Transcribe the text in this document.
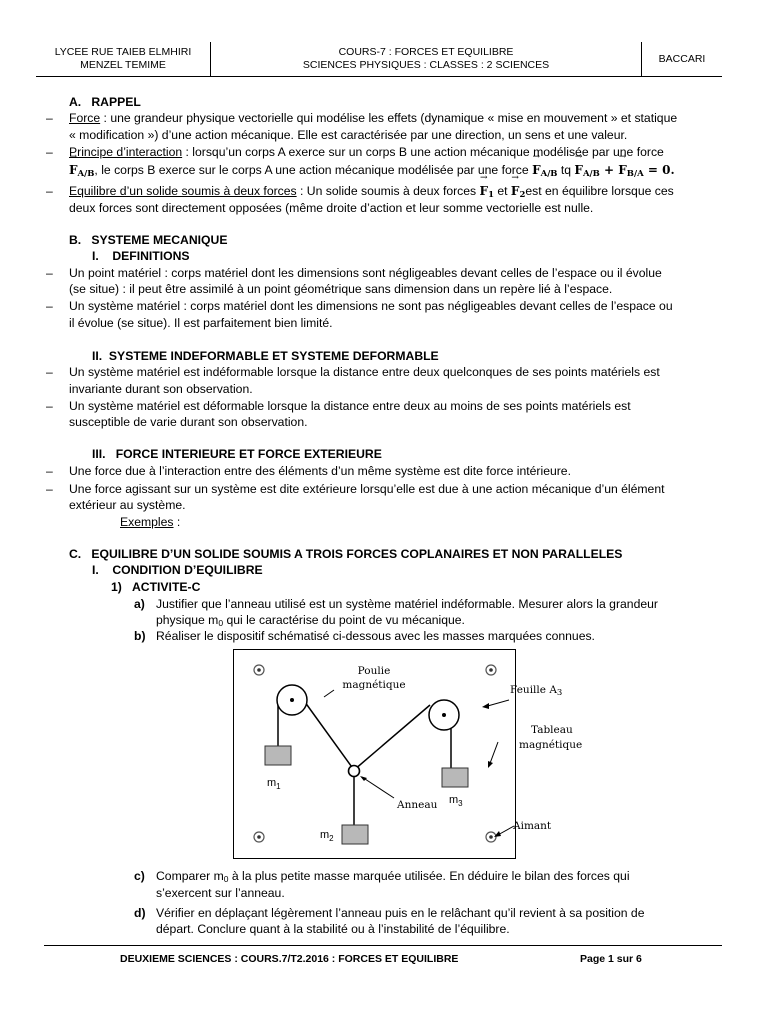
LYCEE RUE TAIEB ELMHIRI
MENZEL TEMIME
COURS-7 : FORCES ET EQUILIBRE
SCIENCES PHYSIQUES : CLASSES : 2 SCIENCES
BACCARI
A.   RAPPEL
– Force : une grandeur physique vectorielle qui modélise les effets (dynamique « mise en mouvement » et statique
« modification ») d’une action mécanique. Elle est caractérisée par une direction, un sens et une valeur.
– Principe d’interaction : lorsqu’un corps A exerce sur un corps B une action mécanique modélisée par une force
→ $F_{A/B}$, le corps B exerce sur le corps A une action mécanique modélisée par une force → $F_{A/B}$ tq → $F_{A/B}$ + → $F_{B/A} = 0$.
– Equilibre d’un solide soumis à deux forces : Un solide soumis à deux forces → $F_1$ et → $F_2est$ en équilibre lorsque ces
deux forces sont directement opposées (même droite d’action et leur somme vectorielle est nulle.
B.   SYSTEME MECANIQUE
I.    DEFINITIONS
– Un point matériel : corps matériel dont les dimensions sont négligeables devant celles de l’espace ou il évolue
(se situe) : il peut être assimilé à un point géométrique sans dimension dans un repère lié à l’espace.
– Un système matériel : corps matériel dont les dimensions ne sont pas négligeables devant celles de l’espace ou
il évolue (se situe). Il est parfaitement bien limité.
II.  SYSTEME INDEFORMABLE ET SYSTEME DEFORMABLE
– Un système matériel est indéformable lorsque la distance entre deux quelconques de ses points matériels est
invariante durant son observation.
– Un système matériel est déformable lorsque la distance entre deux au moins de ses points matériels est
susceptible de varie durant son observation.
III.   FORCE INTERIEURE ET FORCE EXTERIEURE
– Une force due à l’interaction entre des éléments d’un même système est dite force intérieure.
– Une force agissant sur un système est dite extérieure lorsqu’elle est due à une action mécanique d’un élément
extérieur au système.
Exemples :
C.   EQUILIBRE D’UN SOLIDE SOUMIS A TROIS FORCES COPLANAIRES ET NON PARALLELES
I.    CONDITION D’EQUILIBRE
1)   ACTIVITE-C
a) Justifier que l’anneau utilisé est un système matériel indéformable. Mesurer alors la grandeur
physique $m_0$ qui le caractérise du point de vu mécanique.
b) Réaliser le dispositif schématisé ci-dessous avec les masses marquées connues.
Poulie
magnétique
Anneau
$m_1$
$m_3$
$m_2$
Feuille $A_3$
Tableau
magnétique
Aimant
c) Comparer $m_0$ à la plus petite masse marquée utilisée. En déduire le bilan des forces qui
s’exercent sur l’anneau.
d) Vérifier en déplaçant légèrement l’anneau puis en le relâchant qu’il revient à sa position de
départ. Conclure quant à la stabilité ou à l’instabilité de l’équilibre.
DEUXIEME SCIENCES : COURS.7/T2.2016 : FORCES ET EQUILIBRE	Page 1 sur 6
